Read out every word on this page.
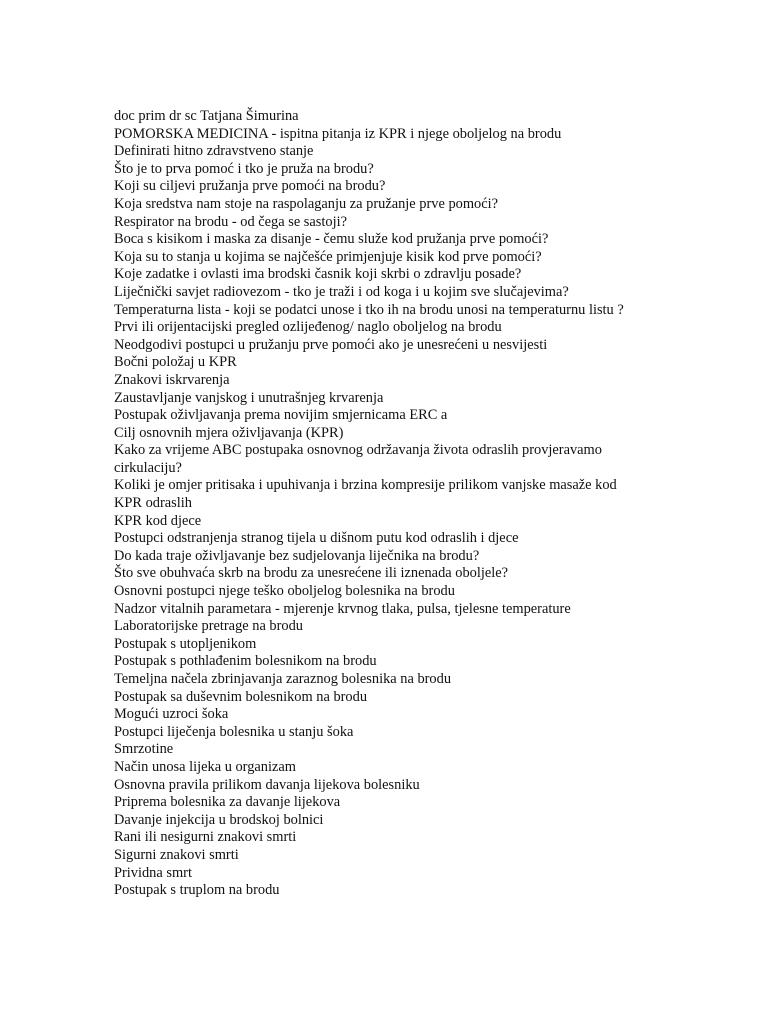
doc prim dr sc Tatjana Šimurina
POMORSKA MEDICINA - ispitna pitanja iz KPR i njege oboljelog na brodu
Definirati hitno zdravstveno stanje
Što je to prva pomoć i tko je pruža na brodu?
Koji su ciljevi pružanja prve pomoći na brodu?
Koja sredstva nam stoje na raspolaganju za pružanje prve pomoći?
Respirator na brodu - od čega se sastoji?
Boca s kisikom i maska za disanje - čemu služe kod pružanja prve pomoći?
Koja su to stanja u kojima se najčešće primjenjuje kisik kod prve pomoći?
Koje zadatke i ovlasti ima brodski časnik koji skrbi o zdravlju posade?
Liječnički savjet radiovezom - tko je traži i od koga i u kojim sve slučajevima?
Temperaturna lista - koji se podatci unose i tko ih na brodu unosi na temperaturnu listu ?
Prvi ili orijentacijski pregled ozlijeđenog/ naglo oboljelog na brodu
Neodgodivi postupci u pružanju prve pomoći ako je unesrećeni u nesvijesti
Bočni položaj u KPR
Znakovi iskrvarenja
Zaustavljanje vanjskog i unutrašnjeg krvarenja
Postupak oživljavanja prema novijim smjernicama ERC a
Cilj osnovnih mjera oživljavanja (KPR)
Kako za vrijeme ABC postupaka osnovnog održavanja života odraslih provjeravamo
cirkulaciju?
Koliki je omjer pritisaka i upuhivanja i brzina kompresije prilikom vanjske masaže kod
KPR odraslih
KPR kod djece
Postupci odstranjenja stranog tijela u dišnom putu kod odraslih i djece
Do kada traje oživljavanje bez sudjelovanja liječnika na brodu?
Što sve obuhvaća skrb na brodu za unesrećene ili iznenada oboljele?
Osnovni postupci njege teško oboljelog bolesnika na brodu
Nadzor vitalnih parametara - mjerenje krvnog tlaka, pulsa, tjelesne temperature
Laboratorijske pretrage na brodu
Postupak s utopljenikom
Postupak s pothlađenim bolesnikom na brodu
Temeljna načela zbrinjavanja zaraznog bolesnika na brodu
Postupak sa duševnim bolesnikom na brodu
Mogući uzroci šoka
Postupci liječenja bolesnika u stanju šoka
Smrzotine
Način unosa lijeka u organizam
Osnovna pravila prilikom davanja lijekova bolesniku
Priprema bolesnika za davanje lijekova
Davanje injekcija u brodskoj bolnici
Rani ili nesigurni znakovi smrti
Sigurni znakovi smrti
Prividna smrt
Postupak s truplom na brodu
